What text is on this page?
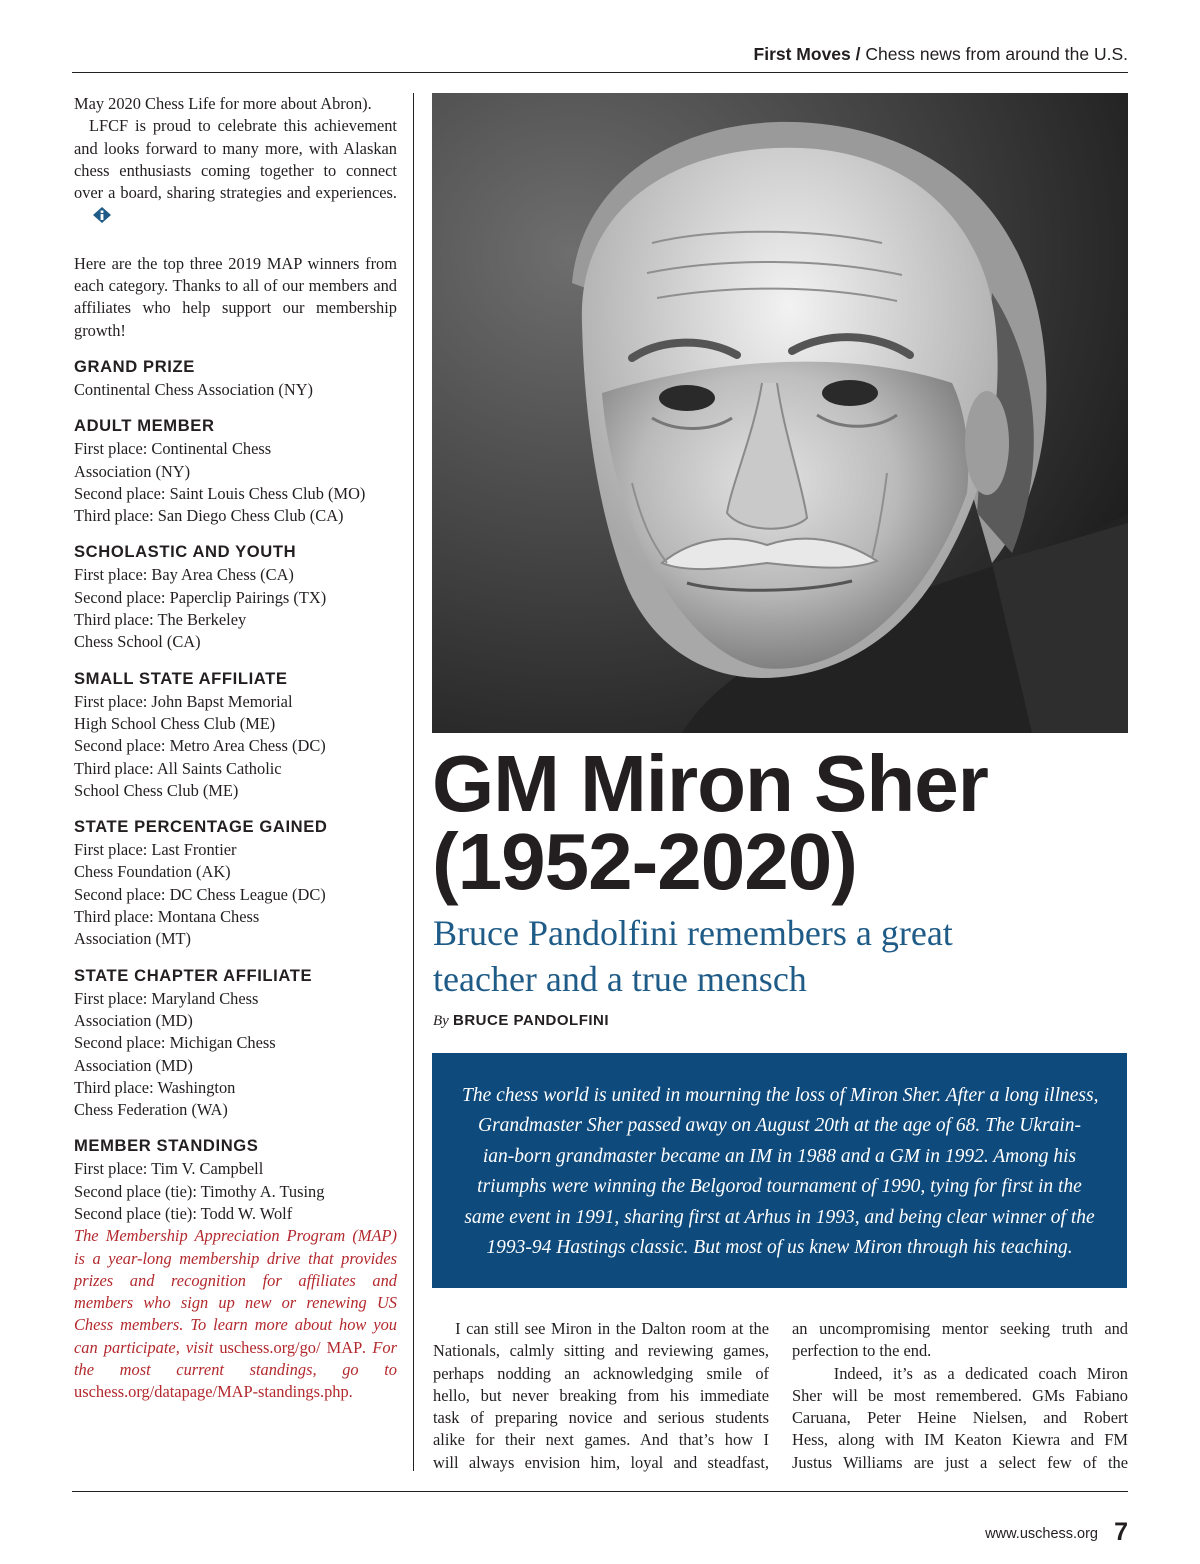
First Moves / Chess news from around the U.S.

May 2020 Chess Life for more about Abron).

LFCF is proud to celebrate this achievement and looks forward to many more, with Alaskan chess enthusiasts coming together to connect over a board, sharing strategies and experiences.

Here are the top three 2019 MAP winners from each category. Thanks to all of our members and affiliates who help support our membership growth!

GRAND PRIZE
Continental Chess Association (NY)
ADULT MEMBER
First place: Continental Chess
Association (NY)
Second place: Saint Louis Chess Club (MO)
Third place: San Diego Chess Club (CA)
SCHOLASTIC AND YOUTH
First place: Bay Area Chess (CA)
Second place: Paperclip Pairings (TX)
Third place: The Berkeley
Chess School (CA)
SMALL STATE AFFILIATE
First place: John Bapst Memorial
High School Chess Club (ME)
Second place: Metro Area Chess (DC)
Third place: All Saints Catholic
School Chess Club (ME)
STATE PERCENTAGE GAINED
First place: Last Frontier
Chess Foundation (AK)
Second place: DC Chess League (DC)
Third place: Montana Chess
Association (MT)
STATE CHAPTER AFFILIATE
First place: Maryland Chess
Association (MD)
Second place: Michigan Chess
Association (MD)
Third place: Washington
Chess Federation (WA)
MEMBER STANDINGS
First place: Tim V. Campbell
Second place (tie): Timothy A. Tusing
Second place (tie): Todd W. Wolf

The Membership Appreciation Program (MAP) is a year-long membership drive that provides prizes and recognition for affiliates and members who sign up new or renewing US Chess members. To learn more about how you can participate, visit uschess.org/go/ MAP. For the most current standings, go to uschess.org/datapage/MAP-standings.php.

GM Miron Sher
(1952-2020)
Bruce Pandolfini remembers a great
teacher and a true mensch
By BRUCE PANDOLFINI
The chess world is united in mourning the loss of Miron Sher. After a long illness,
Grandmaster Sher passed away on August 20th at the age of 68. The Ukrain-
ian-born grandmaster became an IM in 1988 and a GM in 1992. Among his
triumphs were winning the Belgorod tournament of 1990, tying for first in the
same event in 1991, sharing first at Arhus in 1993, and being clear winner of the
1993-94 Hastings classic. But most of us knew Miron through his teaching.
I can still see Miron in the Dalton room at the
Nationals, calmly sitting and reviewing games,
perhaps nodding an acknowledging smile of
hello, but never breaking from his immediate
task of preparing novice and serious students
alike for their next games. And that’s how I
will always envision him, loyal and steadfast,
an uncompromising mentor seeking truth and
perfection to the end.
Indeed, it’s as a dedicated coach Miron
Sher will be most remembered. GMs Fabiano
Caruana, Peter Heine Nielsen, and Robert
Hess, along with IM Keaton Kiewra and FM
Justus Williams are just a select few of the
www.uschess.org 7
